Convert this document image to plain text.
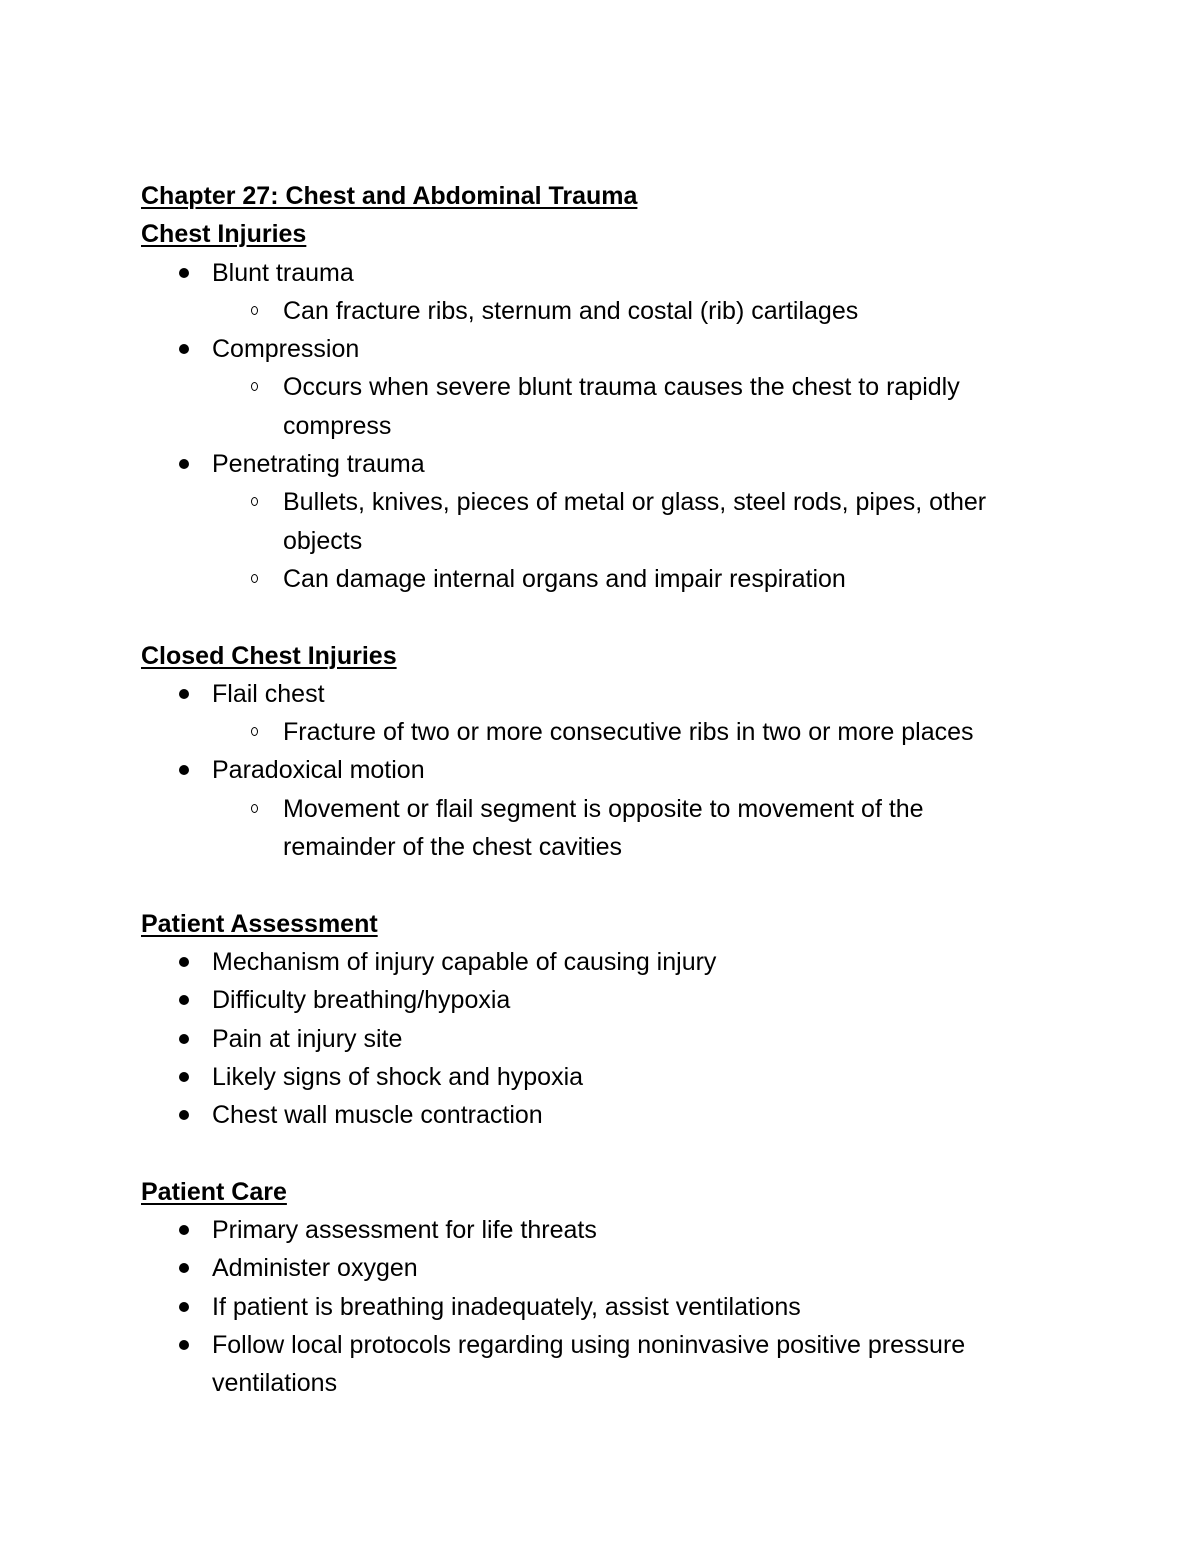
Chapter 27: Chest and Abdominal Trauma

Chest Injuries

Blunt trauma
Can fracture ribs, sternum and costal (rib) cartilages
Compression
Occurs when severe blunt trauma causes the chest to rapidly compress
Penetrating trauma
Bullets, knives, pieces of metal or glass, steel rods, pipes, other objects
Can damage internal organs and impair respiration

Closed Chest Injuries

Flail chest
Fracture of two or more consecutive ribs in two or more places
Paradoxical motion
Movement or flail segment is opposite to movement of the remainder of the chest cavities

Patient Assessment

Mechanism of injury capable of causing injury
Difficulty breathing/hypoxia
Pain at injury site
Likely signs of shock and hypoxia
Chest wall muscle contraction

Patient Care

Primary assessment for life threats
Administer oxygen
If patient is breathing inadequately, assist ventilations
Follow local protocols regarding using noninvasive positive pressure ventilations
